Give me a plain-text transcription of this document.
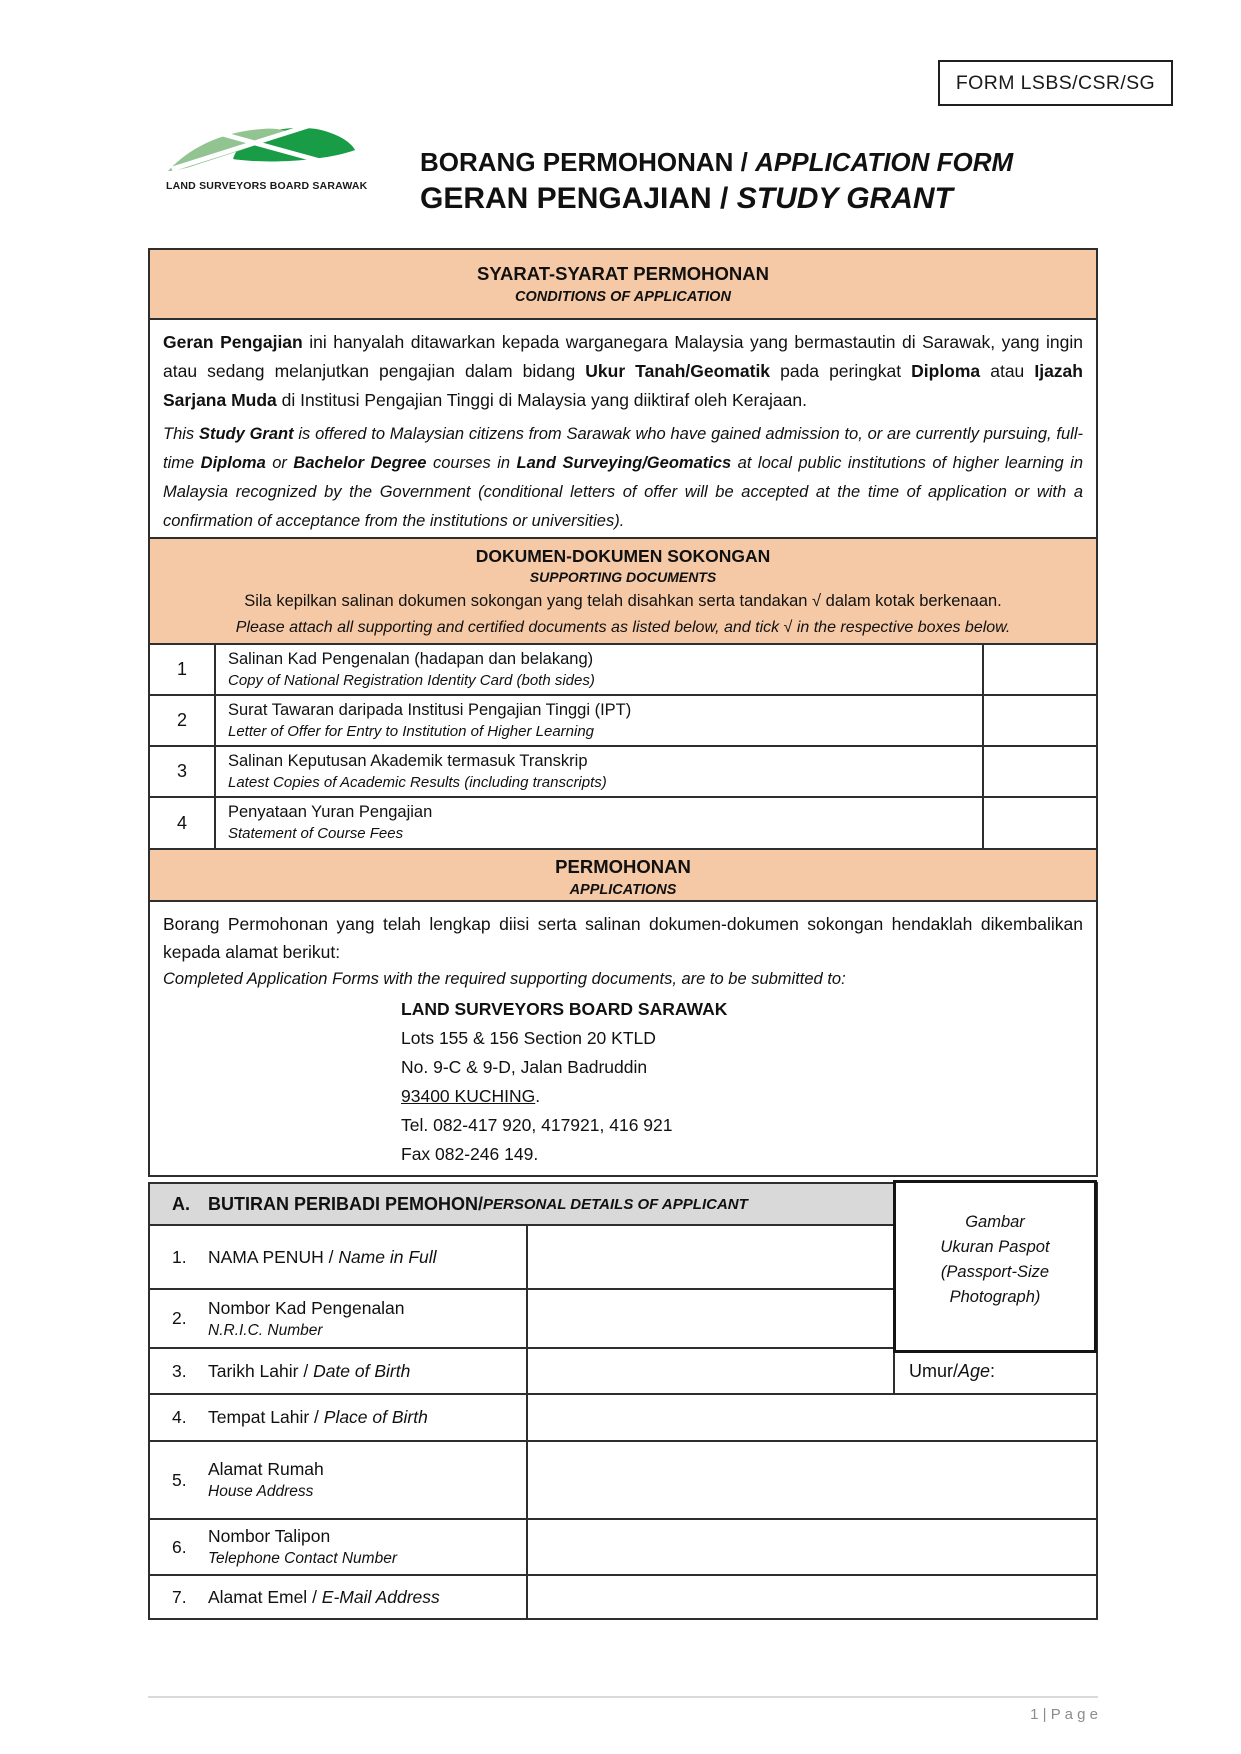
FORM LSBS/CSR/SG
LAND SURVEYORS BOARD SARAWAK
BORANG PERMOHONAN / APPLICATION FORM
GERAN PENGAJIAN / STUDY GRANT
SYARAT-SYARAT PERMOHONAN
CONDITIONS OF APPLICATION

Geran Pengajian ini hanyalah ditawarkan kepada warganegara Malaysia yang bermastautin di Sarawak, yang ingin atau sedang melanjutkan pengajian dalam bidang Ukur Tanah/Geomatik pada peringkat Diploma atau Ijazah Sarjana Muda di Institusi Pengajian Tinggi di Malaysia yang diiktiraf oleh Kerajaan.

This Study Grant is offered to Malaysian citizens from Sarawak who have gained admission to, or are currently pursuing, full-time Diploma or Bachelor Degree courses in Land Surveying/Geomatics at local public institutions of higher learning in Malaysia recognized by the Government (conditional letters of offer will be accepted at the time of application or with a confirmation of acceptance from the institutions or universities).

DOKUMEN-DOKUMEN SOKONGAN
SUPPORTING DOCUMENTS
Sila kepilkan salinan dokumen sokongan yang telah disahkan serta tandakan √ dalam kotak berkenaan.
Please attach all supporting and certified documents as listed below, and tick √ in the respective boxes below.
1	Salinan Kad Pengenalan (hadapan dan belakang)
Copy of National Registration Identity Card (both sides)
2	Surat Tawaran daripada Institusi Pengajian Tinggi (IPT)
Letter of Offer for Entry to Institution of Higher Learning
3	Salinan Keputusan Akademik termasuk Transkrip
Latest Copies of Academic Results (including transcripts)
4
Penyataan Yuran Pengajian
Statement of Course Fees
PERMOHONAN
APPLICATIONS

Borang Permohonan yang telah lengkap diisi serta salinan dokumen-dokumen sokongan hendaklah dikembalikan kepada alamat berikut:

Completed Application Forms with the required supporting documents, are to be submitted to:

LAND SURVEYORS BOARD SARAWAK
Lots 155 & 156 Section 20 KTLD
No. 9-C & 9-D, Jalan Badruddin
93400 KUCHING.
Tel. 082-417 920, 417921, 416 921
Fax 082-246 149.
Gambar
Ukuran Paspot
(Passport-Size
Photograph)
A.	BUTIRAN PERIBADI PEMOHON / PERSONAL DETAILS OF APPLICANT
1.	NAMA PENUH / Name in Full
2.
Nombor Kad Pengenalan
N.R.I.C. Number
3.	Tarikh Lahir / Date of Birth	Umur / Age :
4.	Tempat Lahir / Place of Birth
5.
Alamat Rumah
House Address
6.
Nombor Talipon
Telephone Contact Number
7.	Alamat Emel / E-Mail Address
1 | P a g e
